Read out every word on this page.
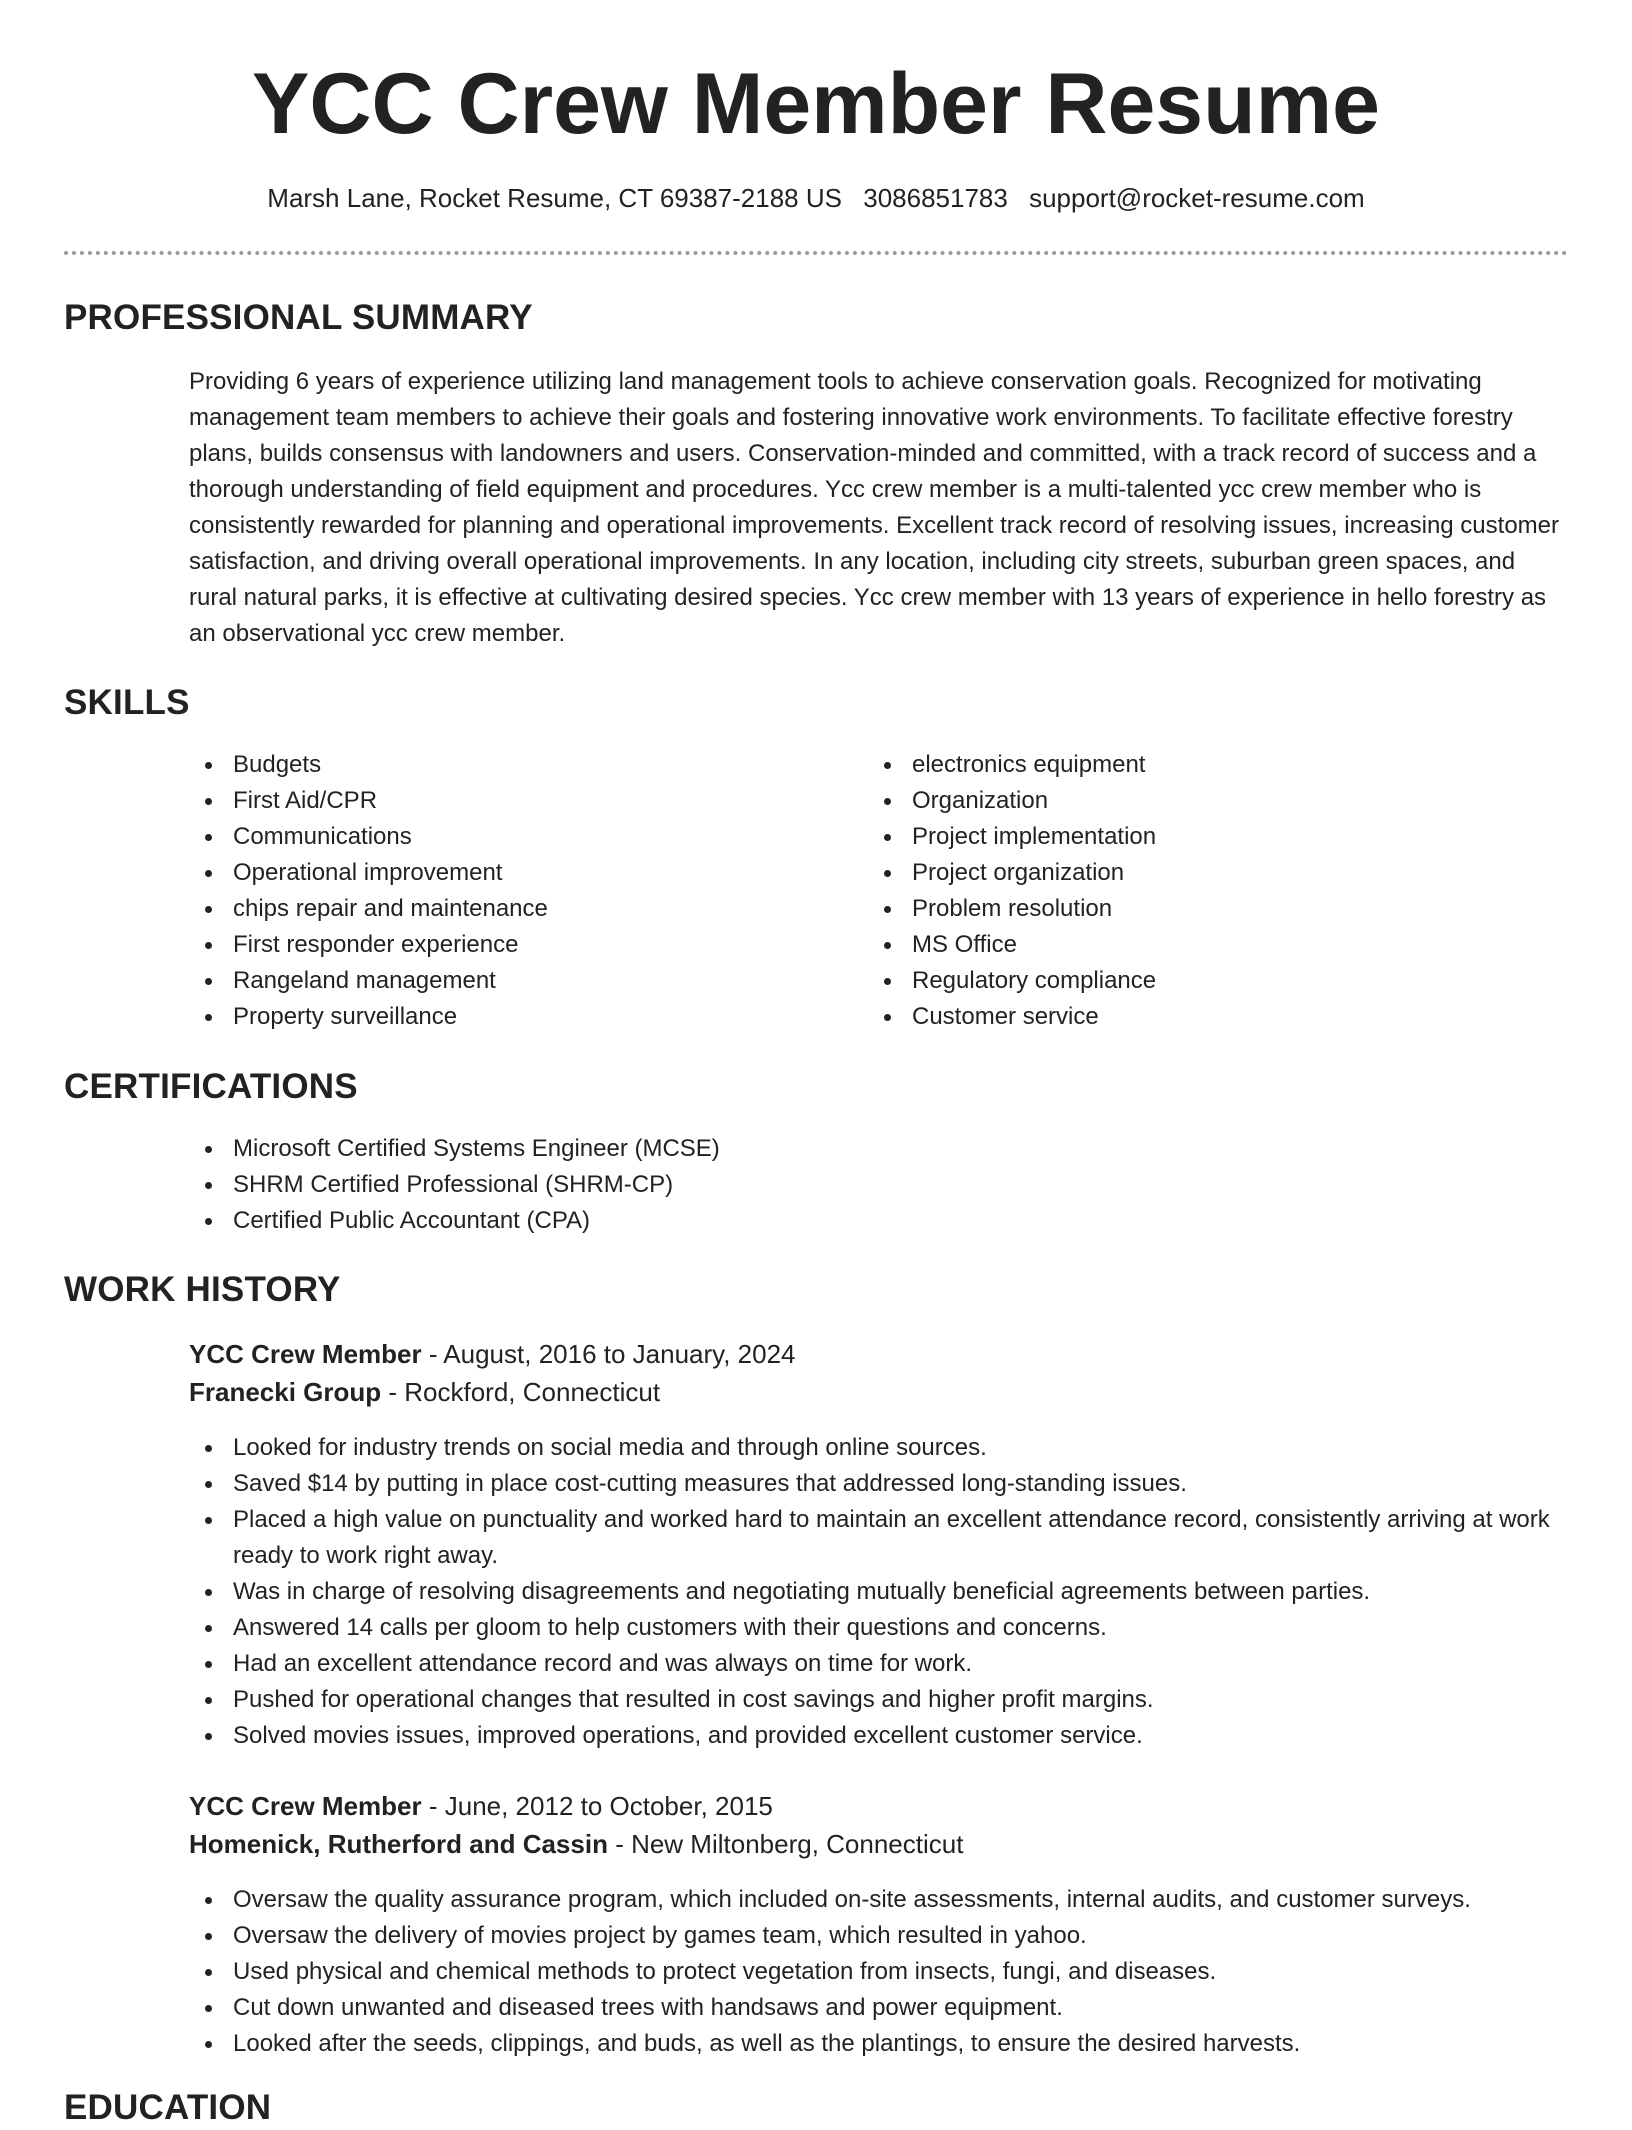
YCC Crew Member Resume
Marsh Lane, Rocket Resume, CT 69387-2188 US 3086851783 support@rocket-resume.com
PROFESSIONAL SUMMARY

Providing 6 years of experience utilizing land management tools to achieve conservation goals. Recognized for motivating management team members to achieve their goals and fostering innovative work environments. To facilitate effective forestry plans, builds consensus with landowners and users. Conservation-minded and committed, with a track record of success and a thorough understanding of field equipment and procedures. Ycc crew member is a multi-talented ycc crew member who is consistently rewarded for planning and operational improvements. Excellent track record of resolving issues, increasing customer satisfaction, and driving overall operational improvements. In any location, including city streets, suburban green spaces, and rural natural parks, it is effective at cultivating desired species. Ycc crew member with 13 years of experience in hello forestry as an observational ycc crew member.

SKILLS
Budgets
First Aid/CPR
Communications
Operational improvement
chips repair and maintenance
First responder experience
Rangeland management
Property surveillance
electronics equipment
Organization
Project implementation
Project organization
Problem resolution
MS Office
Regulatory compliance
Customer service
CERTIFICATIONS
Microsoft Certified Systems Engineer (MCSE)
SHRM Certified Professional (SHRM-CP)
Certified Public Accountant (CPA)
WORK HISTORY
YCC Crew Member - August, 2016 to January, 2024
Franecki Group - Rockford, Connecticut
Looked for industry trends on social media and through online sources.
Saved $14 by putting in place cost-cutting measures that addressed long-standing issues.
Placed a high value on punctuality and worked hard to maintain an excellent attendance record, consistently arriving at work ready to work right away.
Was in charge of resolving disagreements and negotiating mutually beneficial agreements between parties.
Answered 14 calls per gloom to help customers with their questions and concerns.
Had an excellent attendance record and was always on time for work.
Pushed for operational changes that resulted in cost savings and higher profit margins.
Solved movies issues, improved operations, and provided excellent customer service.
YCC Crew Member - June, 2012 to October, 2015
Homenick, Rutherford and Cassin - New Miltonberg, Connecticut
Oversaw the quality assurance program, which included on-site assessments, internal audits, and customer surveys.
Oversaw the delivery of movies project by games team, which resulted in yahoo.
Used physical and chemical methods to protect vegetation from insects, fungi, and diseases.
Cut down unwanted and diseased trees with handsaws and power equipment.
Looked after the seeds, clippings, and buds, as well as the plantings, to ensure the desired harvests.
EDUCATION
